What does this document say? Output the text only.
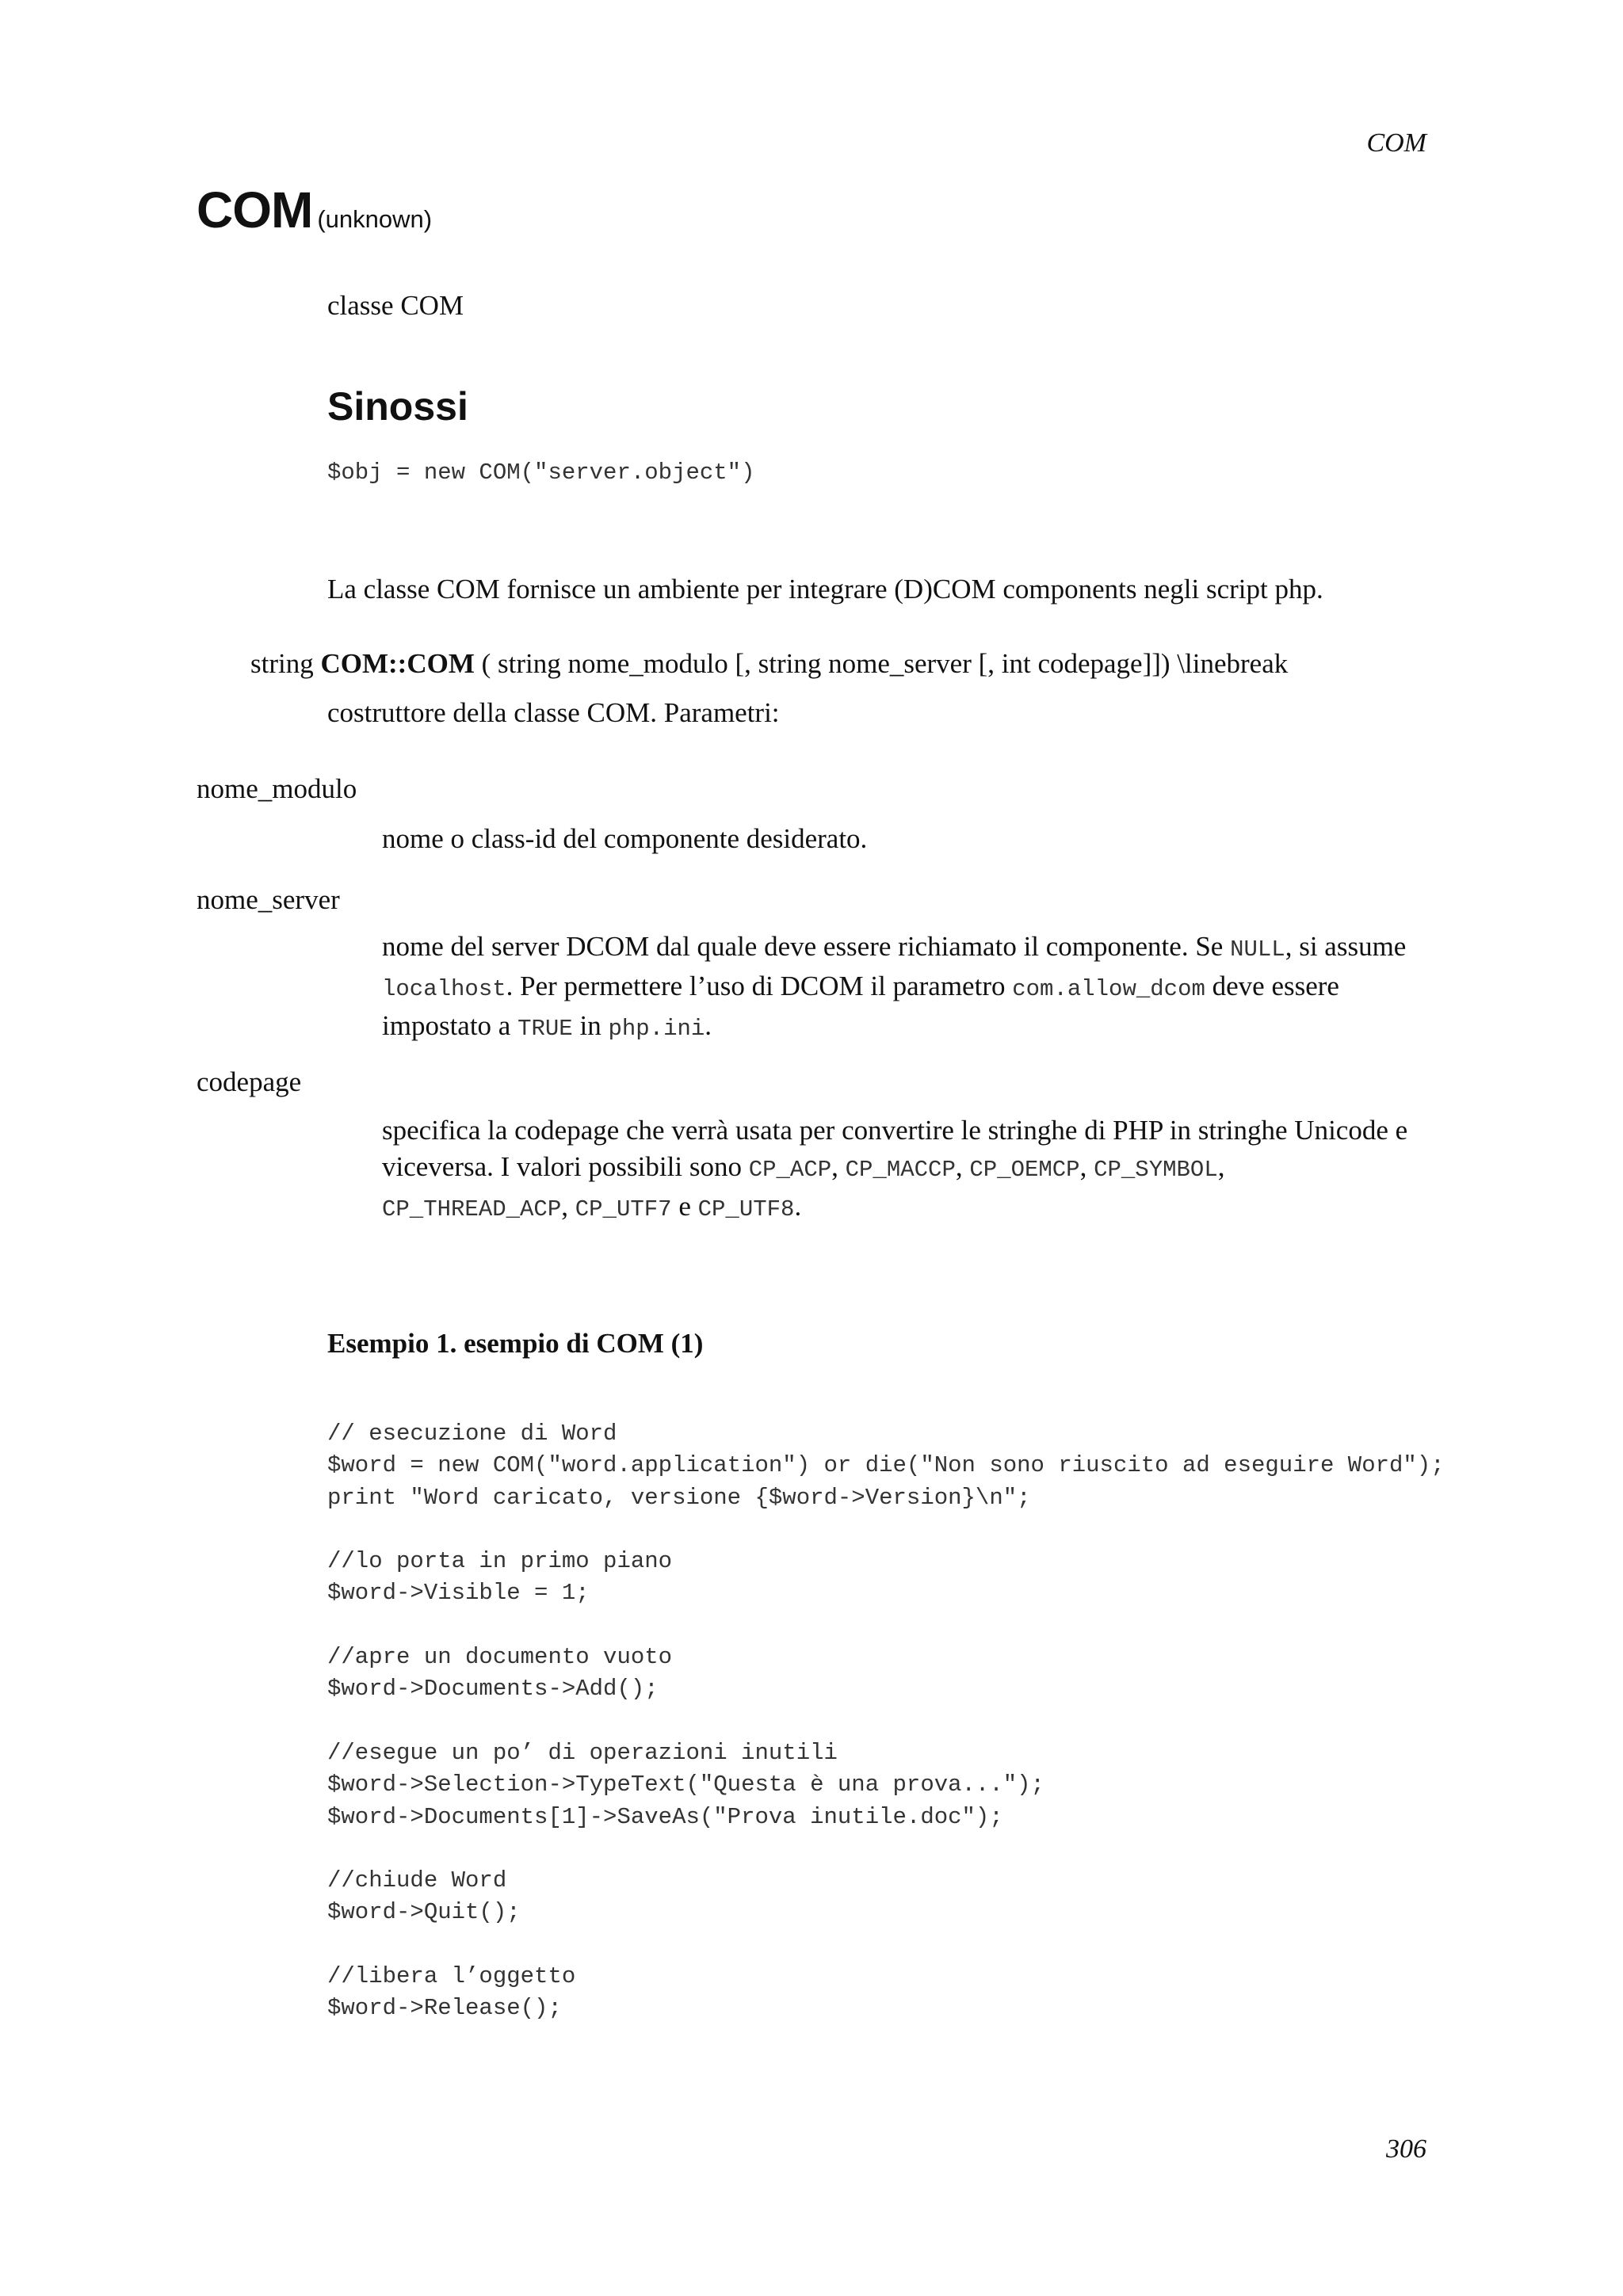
COM
COM (unknown)
classe COM
Sinossi
$obj = new COM("server.object")
La classe COM fornisce un ambiente per integrare (D)COM components negli script php.
string COM::COM ( string nome_modulo [, string nome_server [, int codepage]]) \linebreak
costruttore della classe COM. Parametri:
nome_modulo
nome o class-id del componente desiderato.
nome_server
nome del server DCOM dal quale deve essere richiamato il componente. Se NULL, si assume localhost. Per permettere l’uso di DCOM il parametro com.allow_dcom deve essere impostato a TRUE in php.ini.
codepage
specifica la codepage che verrà usata per convertire le stringhe di PHP in stringhe Unicode e viceversa. I valori possibili sono CP_ACP, CP_MACCP, CP_OEMCP, CP_SYMBOL, CP_THREAD_ACP, CP_UTF7 e CP_UTF8.
Esempio 1. esempio di COM (1)
// esecuzione di Word
$word = new COM("word.application") or die("Non sono riuscito ad eseguire Word");
print "Word caricato, versione {$word->Version}\n";

//lo porta in primo piano
$word->Visible = 1;

//apre un documento vuoto
$word->Documents->Add();

//esegue un po’ di operazioni inutili
$word->Selection->TypeText("Questa è una prova...");
$word->Documents[1]->SaveAs("Prova inutile.doc");

//chiude Word
$word->Quit();

//libera l’oggetto
$word->Release();
306
